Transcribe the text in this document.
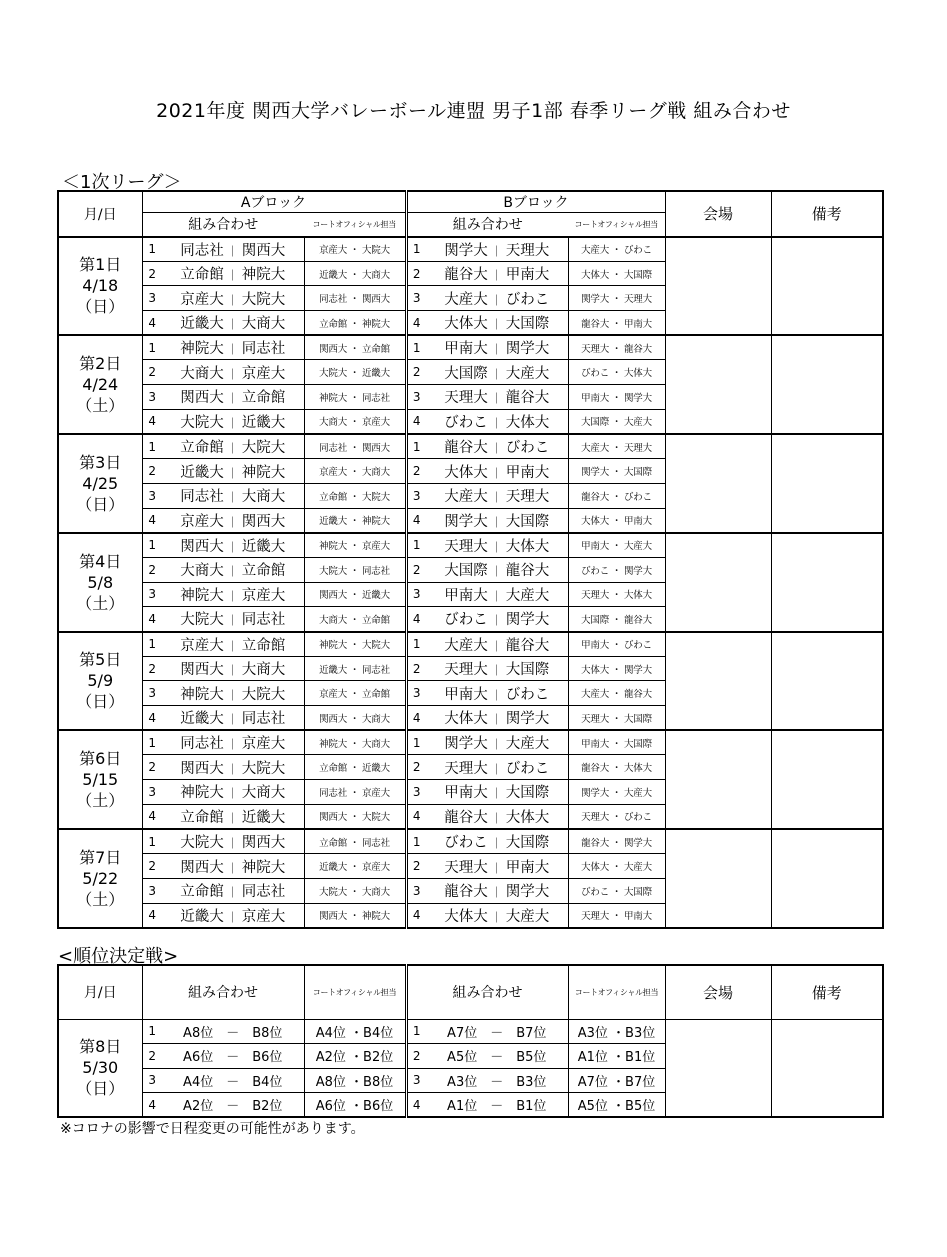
2021年度 関西大学バレーボール連盟 男子1部 春季リーグ戦 組み合わせ
＜1次リーグ＞
<順位決定戦>
月/日	Aブロック			Bブロック			会場	備考
	組み合わせ		コートオフィシャル担当	組み合わせ		コートオフィシャル担当		

第1日
4/18
（日）	1	同志社 ｜ 関西大	京産大 ・ 大院大	1	関学大 ｜ 天理大	大産大 ・ びわこ		
	2	立命館 ｜ 神院大	近畿大 ・ 大商大	2	龍谷大 ｜ 甲南大	大体大 ・ 大国際		
	3	京産大 ｜ 大院大	同志社 ・ 関西大	3	大産大 ｜ びわこ	関学大 ・ 天理大		
	4	近畿大 ｜ 大商大	立命館 ・ 神院大	4	大体大 ｜ 大国際	龍谷大 ・ 甲南大		

第2日
4/24
（土）	1	神院大 ｜ 同志社	関西大 ・ 立命館	1	甲南大 ｜ 関学大	天理大 ・ 龍谷大		
	2	大商大 ｜ 京産大	大院大 ・ 近畿大	2	大国際 ｜ 大産大	びわこ ・ 大体大		
	3	関西大 ｜ 立命館	神院大 ・ 同志社	3	天理大 ｜ 龍谷大	甲南大 ・ 関学大		
	4	大院大 ｜ 近畿大	大商大 ・ 京産大	4	びわこ ｜ 大体大	大国際 ・ 大産大		

第3日
4/25
（日）	1	立命館 ｜ 大院大	同志社 ・ 関西大	1	龍谷大 ｜ びわこ	大産大 ・ 天理大		
	2	近畿大 ｜ 神院大	京産大 ・ 大商大	2	大体大 ｜ 甲南大	関学大 ・ 大国際		
	3	同志社 ｜ 大商大	立命館 ・ 大院大	3	大産大 ｜ 天理大	龍谷大 ・ びわこ		
	4	京産大 ｜ 関西大	近畿大 ・ 神院大	4	関学大 ｜ 大国際	大体大 ・ 甲南大		

第4日
5/8
（土）	1	関西大 ｜ 近畿大	神院大 ・ 京産大	1	天理大 ｜ 大体大	甲南大 ・ 大産大		
	2	大商大 ｜ 立命館	大院大 ・ 同志社	2	大国際 ｜ 龍谷大	びわこ ・ 関学大		
	3	神院大 ｜ 京産大	関西大 ・ 近畿大	3	甲南大 ｜ 大産大	天理大 ・ 大体大		
	4	大院大 ｜ 同志社	大商大 ・ 立命館	4	びわこ ｜ 関学大	大国際 ・ 龍谷大		

第5日
5/9
（日）	1	京産大 ｜ 立命館	神院大 ・ 大院大	1	大産大 ｜ 龍谷大	甲南大 ・ びわこ		
	2	関西大 ｜ 大商大	近畿大 ・ 同志社	2	天理大 ｜ 大国際	大体大 ・ 関学大		
	3	神院大 ｜ 大院大	京産大 ・ 立命館	3	甲南大 ｜ びわこ	大産大 ・ 龍谷大		
	4	近畿大 ｜ 同志社	関西大 ・ 大商大	4	大体大 ｜ 関学大	天理大 ・ 大国際		

第6日
5/15
（土）	1	同志社 ｜ 京産大	神院大 ・ 大商大	1	関学大 ｜ 大産大	甲南大 ・ 大国際		
	2	関西大 ｜ 大院大	立命館 ・ 近畿大	2	天理大 ｜ びわこ	龍谷大 ・ 大体大		
	3	神院大 ｜ 大商大	同志社 ・ 京産大	3	甲南大 ｜ 大国際	関学大 ・ 大産大		
	4	立命館 ｜ 近畿大	関西大 ・ 大院大	4	龍谷大 ｜ 大体大	天理大 ・ びわこ		

第7日
5/22
（土）	1	大院大 ｜ 関西大	立命館 ・ 同志社	1	びわこ ｜ 大国際	龍谷大 ・ 関学大		
	2	関西大 ｜ 神院大	近畿大 ・ 京産大	2	天理大 ｜ 甲南大	大体大 ・ 大産大		
	3	立命館 ｜ 同志社	大院大 ・ 大商大	3	龍谷大 ｜ 関学大	びわこ ・ 大国際		
	4	近畿大 ｜ 京産大	関西大 ・ 神院大	4	大体大 ｜ 大産大	天理大 ・ 甲南大		
月/日	組み合わせ		コートオフィシャル担当	組み合わせ		コートオフィシャル担当	会場	備考

第8日
5/30
（日）	1	A8位　－　B8位	A4位 ・B4位	1	A7位　－　B7位	A3位 ・B3位		
	2	A6位　－　B6位	A2位 ・B2位	2	A5位　－　B5位	A1位 ・B1位		
	3	A4位　－　B4位	A8位 ・B8位	3	A3位　－　B3位	A7位 ・B7位		
	4	A2位　－　B2位	A6位 ・B6位	4	A1位　－　B1位	A5位 ・B5位		
※コロナの影響で日程変更の可能性があります。
